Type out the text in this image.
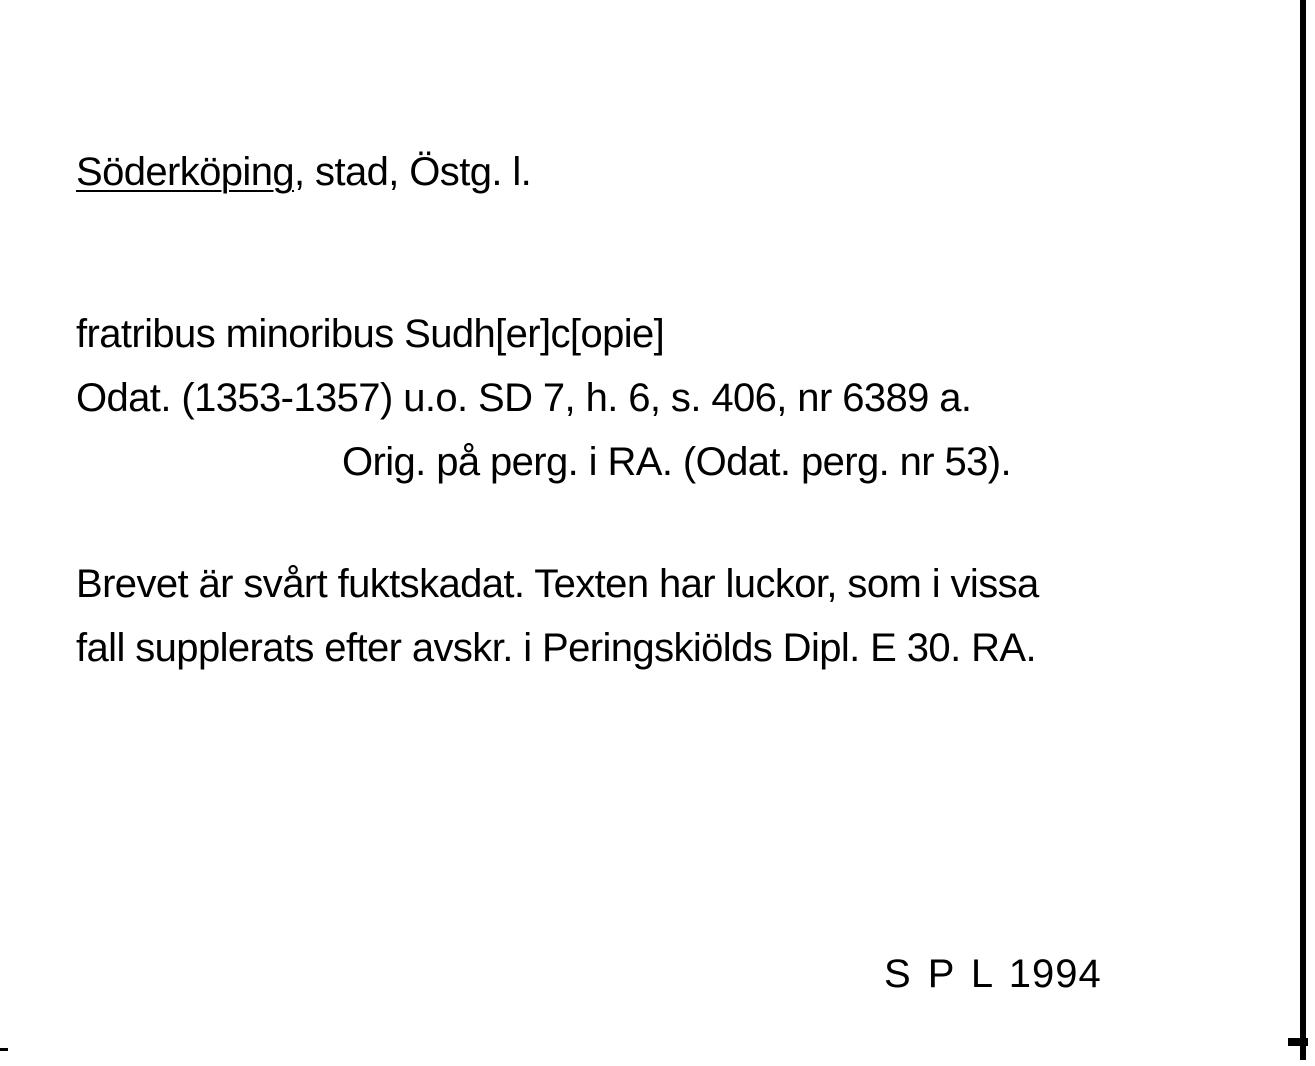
Söderköping, stad, Östg. l.
fratribus minoribus Sudh[er]c[opie]
Odat. (1353-1357) u.o. SD 7, h. 6, s. 406, nr 6389 a.
Orig. på perg. i RA. (Odat. perg. nr 53).
Brevet är svårt fuktskadat. Texten har luckor, som i vissa
fall supplerats efter avskr. i Peringskiölds Dipl. E 30. RA.
S P L 1994
